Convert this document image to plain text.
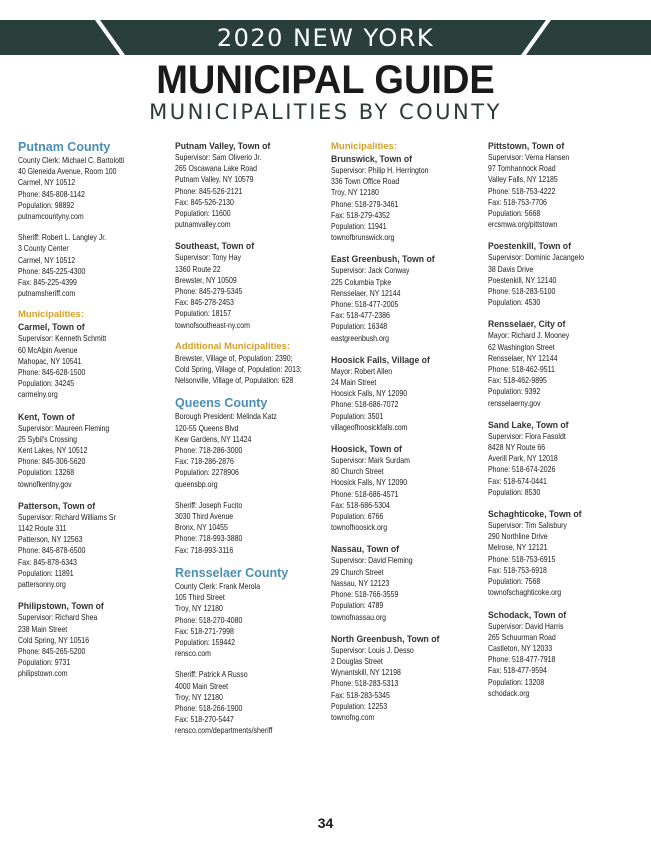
2020 NEW YORK
MUNICIPAL GUIDE
MUNICIPALITIES BY COUNTY
Putnam County
County Clerk: Michael C. Bartolotti
40 Gleneida Avenue, Room 100
Carmel, NY 10512
Phone: 845-808-1142
Population: 98892
putnamcountyny.com
Sheriff: Robert L. Langley Jr.
3 County Center
Carmel, NY 10512
Phone: 845-225-4300
Fax: 845-225-4399
putnamsheriff.com
Municipalities:
Carmel, Town of
Supervisor: Kenneth Schmitt
60 McAlpin Avenue
Mahopac, NY 10541
Phone: 845-628-1500
Population: 34245
carmelny.org
Kent, Town of
Supervisor: Maureen Fleming
25 Sybil's Crossing
Kent Lakes, NY 10512
Phone: 845-306-5620
Population: 13268
townofkentny.gov
Patterson, Town of
Supervisor: Richard Williams Sr
1142 Route 311
Patterson, NY 12563
Phone: 845-878-6500
Fax: 845-878-6343
Population: 11891
pattersonny.org
Philipstown, Town of
Supervisor: Richard Shea
238 Main Street
Cold Spring, NY 10516
Phone: 845-265-5200
Population: 9731
philipstown.com
Putnam Valley, Town of
Supervisor: Sam Oliverio Jr.
265 Oscawana Lake Road
Putnam Valley, NY 10579
Phone: 845-526-2121
Fax: 845-526-2130
Population: 11600
putnamvalley.com
Southeast, Town of
Supervisor: Tony Hay
1360 Route 22
Brewster, NY 10509
Phone: 845-279-5345
Fax: 845-278-2453
Population: 18157
townofsoutheast-ny.com
Additional Municipalities:
Brewster, Village of, Population: 2390;
Cold Spring, Village of, Population: 2013;
Nelsonville, Village of, Population: 628
Queens County
Borough President: Melinda Katz
120-55 Queens Blvd
Kew Gardens, NY 11424
Phone: 718-286-3000
Fax: 718-286-2876
Population: 2278906
queensbp.org
Sheriff: Joseph Fucito
3030 Third Avenue
Bronx, NY 10455
Phone: 718-993-3880
Fax: 718-993-3116
Rensselaer County
County Clerk: Frank Merola
105 Third Street
Troy, NY 12180
Phone: 518-270-4080
Fax: 518-271-7998
Population: 159442
rensco.com
Sheriff: Patrick A Russo
4000 Main Street
Troy, NY 12180
Phone: 518-266-1900
Fax: 518-270-5447
rensco.com/departments/sheriff
Municipalities:
Brunswick, Town of
Supervisor: Philip H. Herrington
336 Town Office Road
Troy, NY 12180
Phone: 518-279-3461
Fax: 518-279-4352
Population: 11941
townofbrunswick.org
East Greenbush, Town of
Supervisor: Jack Conway
225 Columbia Tpke
Rensselaer, NY 12144
Phone: 518-477-2005
Fax: 518-477-2386
Population: 16348
eastgreenbush.org
Hoosick Falls, Village of
Mayor: Robert Allen
24 Main Street
Hoosick Falls, NY 12090
Phone: 518-686-7072
Population: 3501
villageofhoosickfalls.com
Hoosick, Town of
Supervisor: Mark Surdam
80 Church Street
Hoosick Falls, NY 12090
Phone: 518-686-4571
Fax: 518-686-5304
Population: 6766
townofhoosick.org
Nassau, Town of
Supervisor: David Fleming
29 Church Street
Nassau, NY 12123
Phone: 518-766-3559
Population: 4789
townofnassau.org
North Greenbush, Town of
Supervisor: Louis J. Desso
2 Douglas Street
Wynantskill, NY 12198
Phone: 518-283-5313
Fax: 518-283-5345
Population: 12253
townofng.com
Pittstown, Town of
Supervisor: Verna Hansen
97 Tomhannock Road
Valley Falls, NY 12185
Phone: 518-753-4222
Fax: 518-753-7706
Population: 5668
ercsmwa.org/pittstown
Poestenkill, Town of
Supervisor: Dominic Jacangelo
38 Davis Drive
Poestenkill, NY 12140
Phone: 518-283-5100
Population: 4530
Rensselaer, City of
Mayor: Richard J. Mooney
62 Washington Street
Rensselaer, NY 12144
Phone: 518-462-9511
Fax: 518-462-9895
Population: 9392
rensselaerny.gov
Sand Lake, Town of
Supervisor: Flora Fasoldt
8428 NY Route 66
Averill Park, NY 12018
Phone: 518-674-2026
Fax: 518-674-0441
Population: 8530
Schaghticoke, Town of
Supervisor: Tim Salisbury
290 Northline Drive
Melrose, NY 12121
Phone: 518-753-6915
Fax: 518-753-6918
Population: 7568
townofschaghticoke.org
Schodack, Town of
Supervisor: David Harris
265 Schuurman Road
Castleton, NY 12033
Phone: 518-477-7918
Fax: 518-477-9594
Population: 13208
schodack.org
34
